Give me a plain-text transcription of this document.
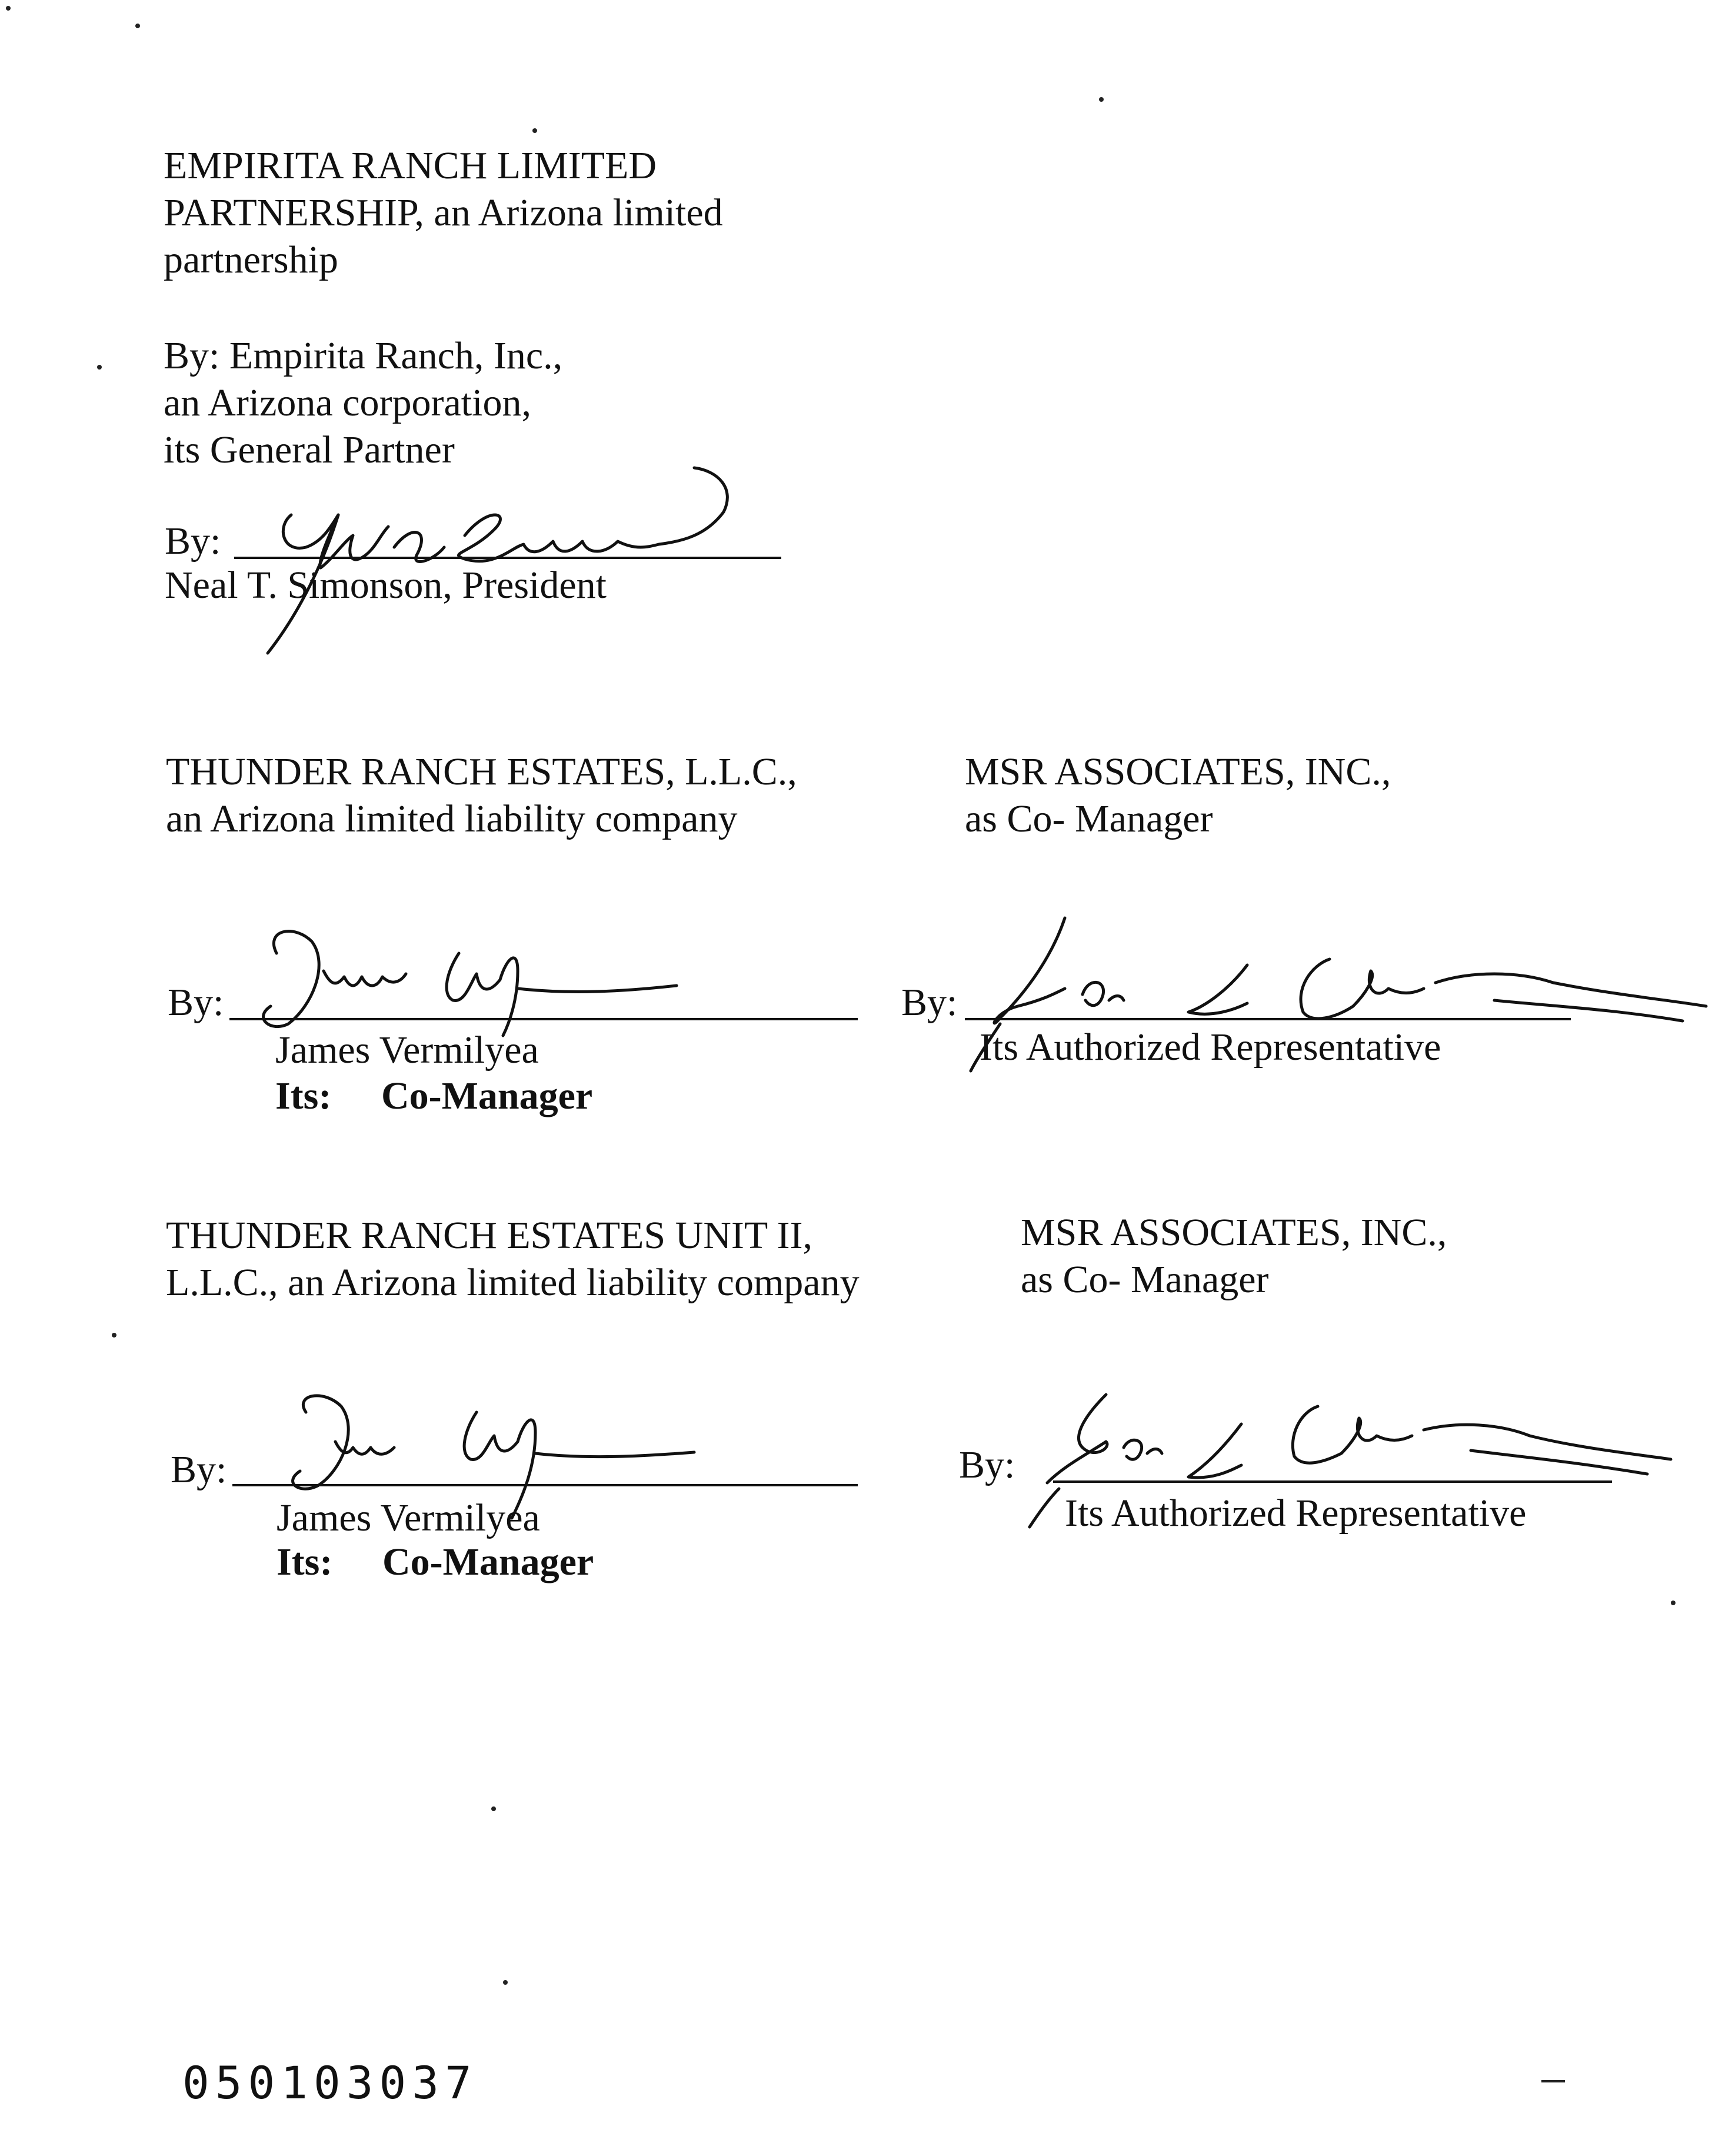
EMPIRITA RANCH LIMITED
PARTNERSHIP, an Arizona limited
partnership
By: Empirita Ranch, Inc.,
an Arizona corporation,
its General Partner
By:
Neal T. Simonson, President
THUNDER RANCH ESTATES, L.L.C.,
an Arizona limited liability company
By:
James Vermilyea
Its: Co-Manager
MSR ASSOCIATES, INC.,
as Co- Manager
By:
Its Authorized Representative
THUNDER RANCH ESTATES UNIT II,
L.L.C., an Arizona limited liability company
By:
James Vermilyea
Its: Co-Manager
MSR ASSOCIATES, INC.,
as Co- Manager
By:
Its Authorized Representative
050103037
